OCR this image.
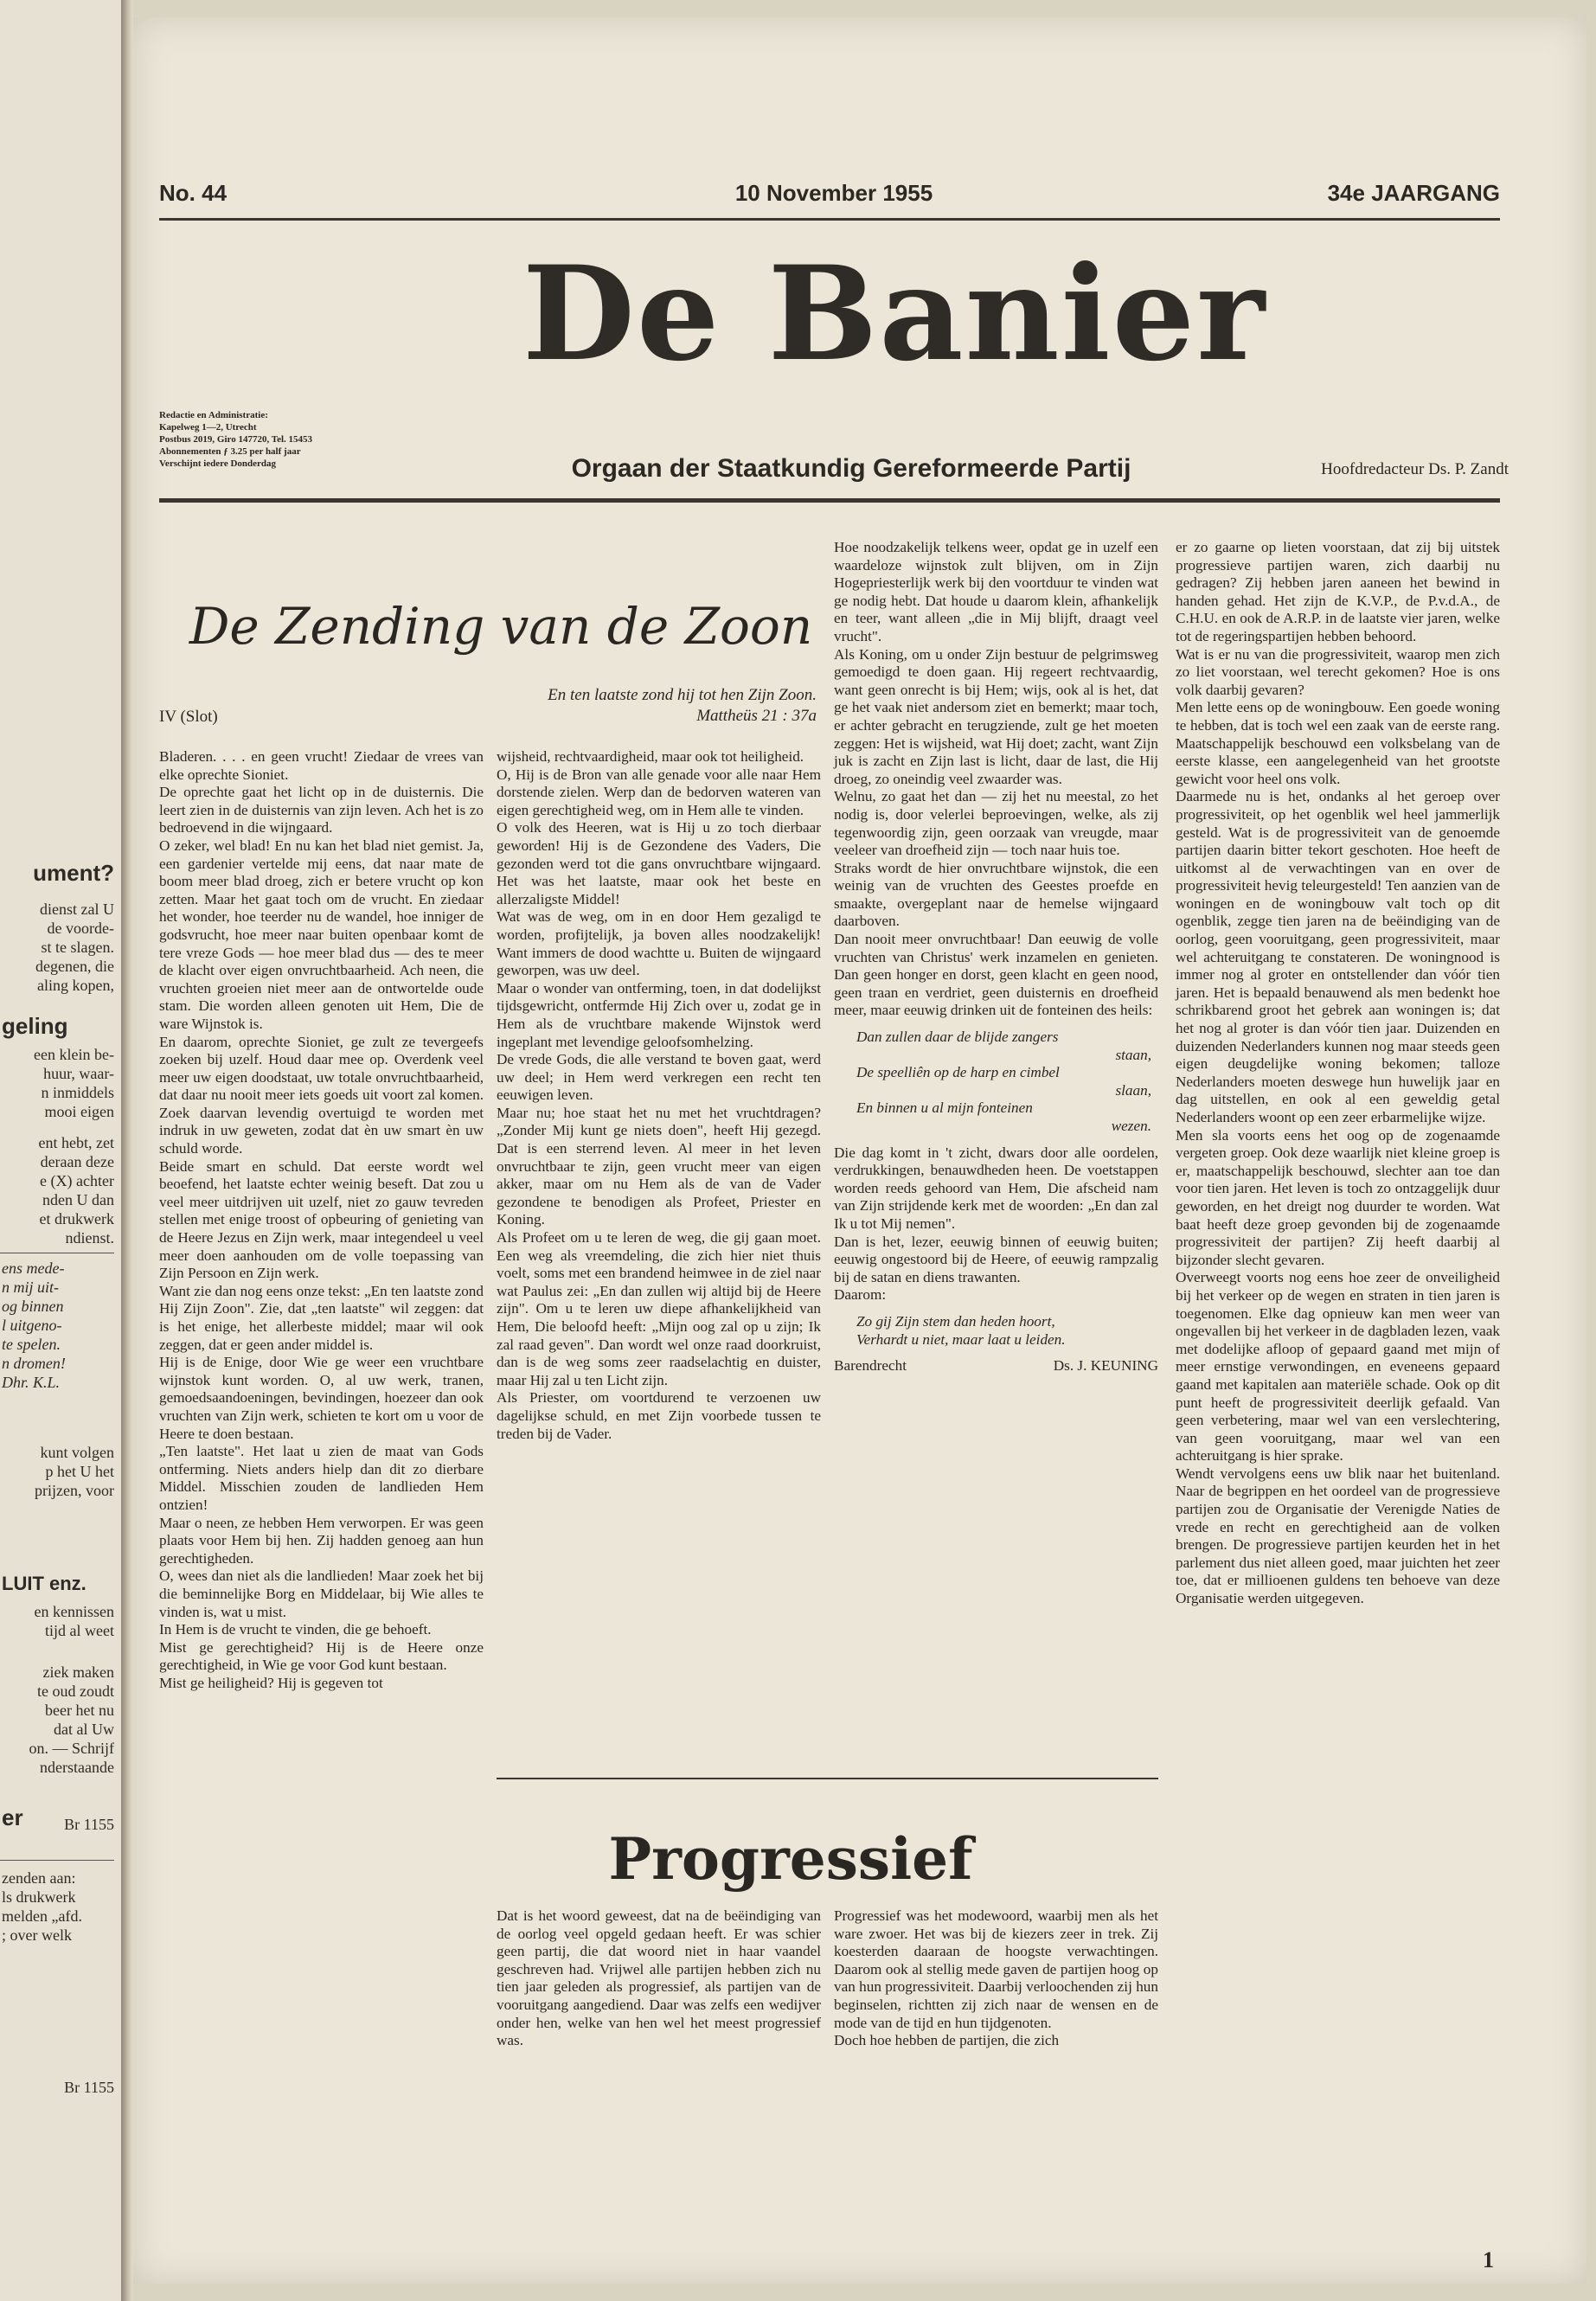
ument?
dienst zal U
de voorde-
st te slagen.
degenen, die
aling kopen,
geling
een klein be-
huur, waar-
n inmiddels
mooi eigen
ent hebt, zet
deraan deze
e (X) achter
nden U dan
et drukwerk
ndienst.
ens mede-
n mij uit-
og binnen
l uitgeno-
te spelen.
n dromen!
Dhr. K.L.
kunt volgen
p het U het
prijzen, voor
LUIT enz.
en kennissen
tijd al weet
ziek maken
te oud zoudt
beer het nu
dat al Uw
on. — Schrijf
nderstaande
er	Br 1155
zenden aan:
ls drukwerk
melden „afd.
; over welk
Br 1155
No. 44	10 November 1955	34e JAARGANG
De Banier
Redactie en Administratie:
Kapelweg 1—2, Utrecht
Postbus 2019, Giro 147720, Tel. 15453
Abonnementen ƒ 3.25 per half jaar
Verschijnt iedere Donderdag	Orgaan der Staatkundig Gereformeerde Partij	Hoofdredacteur Ds. P. Zandt
De Zending van de Zoon
En ten laatste zond hij tot hen Zijn Zoon.
Mattheüs 21 : 37a
IV (Slot)

Bladeren. . . . en geen vrucht! Ziedaar de vrees van elke oprechte Sioniet.
De oprechte gaat het licht op in de duisternis. Die leert zien in de duisternis van zijn leven. Ach het is zo bedroevend in die wijngaard.
O zeker, wel blad! En nu kan het blad niet gemist. Ja, een gardenier vertelde mij eens, dat naar mate de boom meer blad droeg, zich er betere vrucht op kon zetten. Maar het gaat toch om de vrucht. En ziedaar het wonder, hoe teerder nu de wandel, hoe inniger de godsvrucht, hoe meer naar buiten openbaar komt de tere vreze Gods — hoe meer blad dus — des te meer de klacht over eigen onvruchtbaarheid. Ach neen, die vruchten groeien niet meer aan de ontwortelde oude stam. Die worden alleen genoten uit Hem, Die de ware Wijnstok is.
En daarom, oprechte Sioniet, ge zult ze tevergeefs zoeken bij uzelf. Houd daar mee op. Overdenk veel meer uw eigen doodstaat, uw totale onvruchtbaarheid, dat daar nu nooit meer iets goeds uit voort zal komen. Zoek daarvan levendig overtuigd te worden met indruk in uw geweten, zodat dat èn uw smart èn uw schuld worde.
Beide smart en schuld. Dat eerste wordt wel beoefend, het laatste echter weinig beseft. Dat zou u veel meer uitdrijven uit uzelf, niet zo gauw tevreden stellen met enige troost of opbeuring of genieting van de Heere Jezus en Zijn werk, maar integendeel u veel meer doen aanhouden om de volle toepassing van Zijn Persoon en Zijn werk.
Want zie dan nog eens onze tekst: „En ten laatste zond Hij Zijn Zoon". Zie, dat „ten laatste" wil zeggen: dat is het enige, het allerbeste middel; maar wil ook zeggen, dat er geen ander middel is.
Hij is de Enige, door Wie ge weer een vruchtbare wijnstok kunt worden. O, al uw werk, tranen, gemoedsaandoeningen, bevindingen, hoezeer dan ook vruchten van Zijn werk, schieten te kort om u voor de Heere te doen bestaan.
„Ten laatste". Het laat u zien de maat van Gods ontferming. Niets anders hielp dan dit zo dierbare Middel. Misschien zouden de landlieden Hem ontzien!
Maar o neen, ze hebben Hem verworpen. Er was geen plaats voor Hem bij hen. Zij hadden genoeg aan hun gerechtigheden.
O, wees dan niet als die landlieden! Maar zoek het bij die beminnelijke Borg en Middelaar, bij Wie alles te vinden is, wat u mist.
In Hem is de vrucht te vinden, die ge behoeft.
Mist ge gerechtigheid? Hij is de Heere onze gerechtigheid, in Wie ge voor God kunt bestaan.
Mist ge heiligheid? Hij is gegeven tot

wijsheid, rechtvaardigheid, maar ook tot heiligheid.
O, Hij is de Bron van alle genade voor alle naar Hem dorstende zielen. Werp dan de bedorven wateren van eigen gerechtigheid weg, om in Hem alle te vinden.
O volk des Heeren, wat is Hij u zo toch dierbaar geworden! Hij is de Gezondene des Vaders, Die gezonden werd tot die gans onvruchtbare wijngaard. Het was het laatste, maar ook het beste en allerzaligste Middel!
Wat was de weg, om in en door Hem gezaligd te worden, profijtelijk, ja boven alles noodzakelijk! Want immers de dood wachtte u. Buiten de wijngaard geworpen, was uw deel.
Maar o wonder van ontferming, toen, in dat dodelijkst tijdsgewricht, ontfermde Hij Zich over u, zodat ge in Hem als de vruchtbare makende Wijnstok werd ingeplant met levendige geloofsomhelzing.
De vrede Gods, die alle verstand te boven gaat, werd uw deel; in Hem werd verkregen een recht ten eeuwigen leven.
Maar nu; hoe staat het nu met het vruchtdragen? „Zonder Mij kunt ge niets doen", heeft Hij gezegd. Dat is een sterrend leven. Al meer in het leven onvruchtbaar te zijn, geen vrucht meer van eigen akker, maar om nu Hem als de van de Vader gezondene te benodigen als Profeet, Priester en Koning.
Als Profeet om u te leren de weg, die gij gaan moet. Een weg als vreemdeling, die zich hier niet thuis voelt, soms met een brandend heimwee in de ziel naar wat Paulus zei: „En dan zullen wij altijd bij de Heere zijn". Om u te leren uw diepe afhankelijkheid van Hem, Die beloofd heeft: „Mijn oog zal op u zijn; Ik zal raad geven". Dan wordt wel onze raad doorkruist, dan is de weg soms zeer raadselachtig en duister, maar Hij zal u ten Licht zijn.
Als Priester, om voortdurend te verzoenen uw dagelijkse schuld, en met Zijn voorbede tussen te treden bij de Vader.

Hoe noodzakelijk telkens weer, opdat ge in uzelf een waardeloze wijnstok zult blijven, om in Zijn Hogepriesterlijk werk bij den voortduur te vinden wat ge nodig hebt. Dat houde u daarom klein, afhankelijk en teer, want alleen „die in Mij blijft, draagt veel vrucht".
Als Koning, om u onder Zijn bestuur de pelgrimsweg gemoedigd te doen gaan. Hij regeert rechtvaardig, want geen onrecht is bij Hem; wijs, ook al is het, dat ge het vaak niet andersom ziet en bemerkt; maar toch, er achter gebracht en terugziende, zult ge het moeten zeggen: Het is wijsheid, wat Hij doet; zacht, want Zijn juk is zacht en Zijn last is licht, daar de last, die Hij droeg, zo oneindig veel zwaarder was.
Welnu, zo gaat het dan — zij het nu meestal, zo het nodig is, door velerlei beproevingen, welke, als zij tegenwoordig zijn, geen oorzaak van vreugde, maar veeleer van droefheid zijn — toch naar huis toe.
Straks wordt de hier onvruchtbare wijnstok, die een weinig van de vruchten des Geestes proefde en smaakte, overgeplant naar de hemelse wijngaard daarboven.
Dan nooit meer onvruchtbaar! Dan eeuwig de volle vruchten van Christus' werk inzamelen en genieten. Dan geen honger en dorst, geen klacht en geen nood, geen traan en verdriet, geen duisternis en droefheid meer, maar eeuwig drinken uit de fonteinen des heils:

Dan zullen daar de blijde zangers
staan,
De speelliên op de harp en cimbel
slaan,
En binnen u al mijn fonteinen
wezen.

Die dag komt in 't zicht, dwars door alle oordelen, verdrukkingen, benauwdheden heen. De voetstappen worden reeds gehoord van Hem, Die afscheid nam van Zijn strijdende kerk met de woorden: „En dan zal Ik u tot Mij nemen".
Dan is het, lezer, eeuwig binnen of eeuwig buiten; eeuwig ongestoord bij de Heere, of eeuwig rampzalig bij de satan en diens trawanten.
Daarom:

Zo gij Zijn stem dan heden hoort,
Verhardt u niet, maar laat u leiden.
Barendrecht	Ds. J. KEUNING
Progressief

Dat is het woord geweest, dat na de beëindiging van de oorlog veel opgeld gedaan heeft. Er was schier geen partij, die dat woord niet in haar vaandel geschreven had. Vrijwel alle partijen hebben zich nu tien jaar geleden als progressief, als partijen van de vooruitgang aangediend. Daar was zelfs een wedijver onder hen, welke van hen wel het meest progressief was.

Progressief was het modewoord, waarbij men als het ware zwoer. Het was bij de kiezers zeer in trek. Zij koesterden daaraan de hoogste verwachtingen. Daarom ook al stellig mede gaven de partijen hoog op van hun progressiviteit. Daarbij verloochenden zij hun beginselen, richtten zij zich naar de wensen en de mode van de tijd en hun tijdgenoten.
Doch hoe hebben de partijen, die zich

er zo gaarne op lieten voorstaan, dat zij bij uitstek progressieve partijen waren, zich daarbij nu gedragen? Zij hebben jaren aaneen het bewind in handen gehad. Het zijn de K.V.P., de P.v.d.A., de C.H.U. en ook de A.R.P. in de laatste vier jaren, welke tot de regeringspartijen hebben behoord.
Wat is er nu van die progressiviteit, waarop men zich zo liet voorstaan, wel terecht gekomen? Hoe is ons volk daarbij gevaren?
Men lette eens op de woningbouw. Een goede woning te hebben, dat is toch wel een zaak van de eerste rang. Maatschappelijk beschouwd een volksbelang van de eerste klasse, een aangelegenheid van het grootste gewicht voor heel ons volk.
Daarmede nu is het, ondanks al het geroep over progressiviteit, op het ogenblik wel heel jammerlijk gesteld. Wat is de progressiviteit van de genoemde partijen daarin bitter tekort geschoten. Hoe heeft de uitkomst al de verwachtingen van en over de progressiviteit hevig teleurgesteld! Ten aanzien van de woningen en de woningbouw valt toch op dit ogenblik, zegge tien jaren na de beëindiging van de oorlog, geen vooruitgang, geen progressiviteit, maar wel achteruitgang te constateren. De woningnood is immer nog al groter en ontstellender dan vóór tien jaren. Het is bepaald benauwend als men bedenkt hoe schrikbarend groot het gebrek aan woningen is; dat het nog al groter is dan vóór tien jaar. Duizenden en duizenden Nederlanders kunnen nog maar steeds geen eigen deugdelijke woning bekomen; talloze Nederlanders moeten deswege hun huwelijk jaar en dag uitstellen, en ook al een geweldig getal Nederlanders woont op een zeer erbarmelijke wijze.
Men sla voorts eens het oog op de zogenaamde vergeten groep. Ook deze waarlijk niet kleine groep is er, maatschappelijk beschouwd, slechter aan toe dan voor tien jaren. Het leven is toch zo ontzaggelijk duur geworden, en het dreigt nog duurder te worden. Wat baat heeft deze groep gevonden bij de zogenaamde progressiviteit der partijen? Zij heeft daarbij al bijzonder slecht gevaren.
Overweegt voorts nog eens hoe zeer de onveiligheid bij het verkeer op de wegen en straten in tien jaren is toegenomen. Elke dag opnieuw kan men weer van ongevallen bij het verkeer in de dagbladen lezen, vaak met dodelijke afloop of gepaard gaand met mijn of meer ernstige verwondingen, en eveneens gepaard gaand met kapitalen aan materiële schade. Ook op dit punt heeft de progressiviteit deerlijk gefaald. Van geen verbetering, maar wel van een verslechtering, van geen vooruitgang, maar wel van een achteruitgang is hier sprake.
Wendt vervolgens eens uw blik naar het buitenland. Naar de begrippen en het oordeel van de progressieve partijen zou de Organisatie der Verenigde Naties de vrede en recht en gerechtigheid aan de volken brengen. De progressieve partijen keurden het in het parlement dus niet alleen goed, maar juichten het zeer toe, dat er millioenen guldens ten behoeve van deze Organisatie werden uitgegeven.

1
